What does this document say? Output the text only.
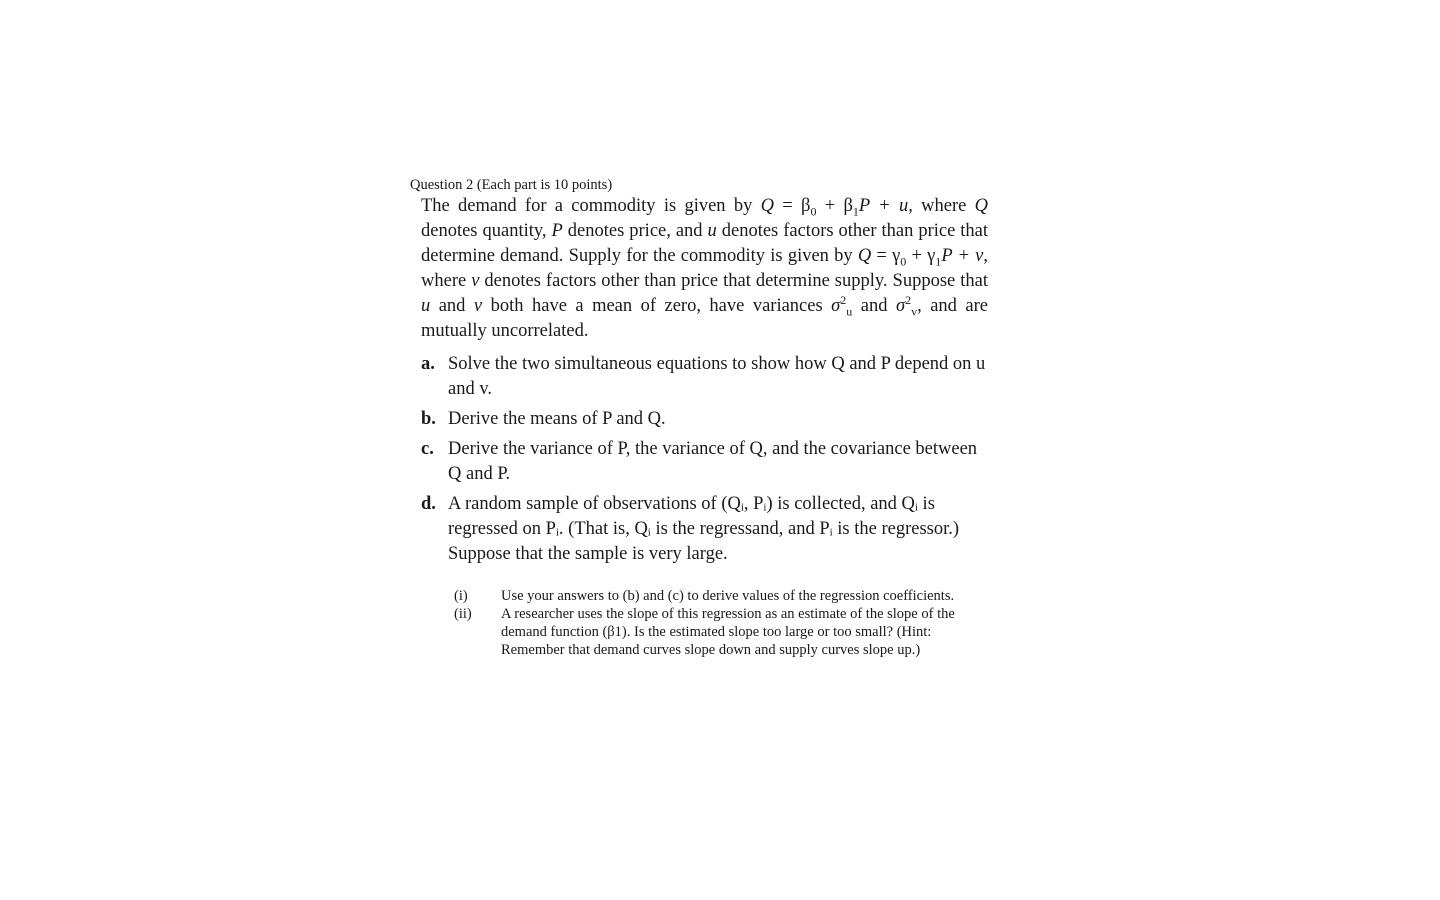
Question 2 (Each part is 10 points)

The demand for a commodity is given by $Q = \beta_0 + \beta_1P + u$, where Q denotes quantity, P denotes price, and u denotes factors other than price that determine demand. Supply for the commodity is given by $Q = \gamma_0 + \gamma_1P + v$, where v denotes factors other than price that determine supply. Suppose that u and v both have a mean of zero, have variances $\sigma^2_u$ and $\sigma^2_v$, and are mutually uncorrelated.

a. Solve the two simultaneous equations to show how Q and P depend on u and v.
b. Derive the means of P and Q.
c. Derive the variance of P, the variance of Q, and the covariance between Q and P.
d. A random sample of observations of (Qᵢ, Pᵢ) is collected, and Qᵢ is regressed on Pᵢ. (That is, Qᵢ is the regressand, and Pᵢ is the regressor.) Suppose that the sample is very large.
(i)	Use your answers to (b) and (c) to derive values of the regression coefficients.
(ii)	A researcher uses the slope of this regression as an estimate of the slope of the demand function (β1). Is the estimated slope too large or too small? (Hint: Remember that demand curves slope down and supply curves slope up.)
